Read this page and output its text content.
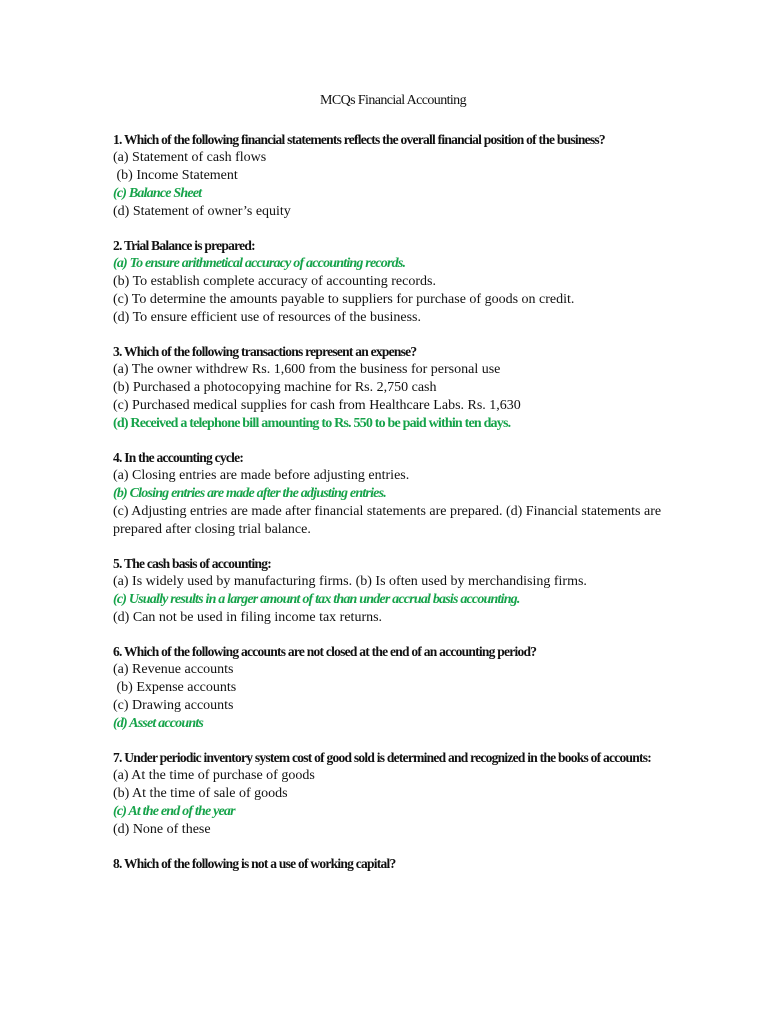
MCQs Financial Accounting

1. Which of the following financial statements reflects the overall financial position of the business?

(a) Statement of cash flows

(b) Income Statement

(c) Balance Sheet

(d) Statement of owner’s equity

2. Trial Balance is prepared:

(a) To ensure arithmetical accuracy of accounting records.

(b) To establish complete accuracy of accounting records.

(c) To determine the amounts payable to suppliers for purchase of goods on credit.

(d) To ensure efficient use of resources of the business.

3. Which of the following transactions represent an expense?

(a) The owner withdrew Rs. 1,600 from the business for personal use

(b) Purchased a photocopying machine for Rs. 2,750 cash

(c) Purchased medical supplies for cash from Healthcare Labs. Rs. 1,630

(d) Received a telephone bill amounting to Rs. 550 to be paid within ten days.

4. In the accounting cycle:

(a) Closing entries are made before adjusting entries.

(b) Closing entries are made after the adjusting entries.

(c) Adjusting entries are made after financial statements are prepared. (d) Financial statements are prepared after closing trial balance.

5. The cash basis of accounting:

(a) Is widely used by manufacturing firms. (b) Is often used by merchandising firms.

(c) Usually results in a larger amount of tax than under accrual basis accounting.

(d) Can not be used in filing income tax returns.

6. Which of the following accounts are not closed at the end of an accounting period?

(a) Revenue accounts

(b) Expense accounts

(c) Drawing accounts

(d) Asset accounts

7. Under periodic inventory system cost of good sold is determined and recognized in the books of accounts:

(a) At the time of purchase of goods

(b) At the time of sale of goods

(c) At the end of the year

(d) None of these

8. Which of the following is not a use of working capital?
